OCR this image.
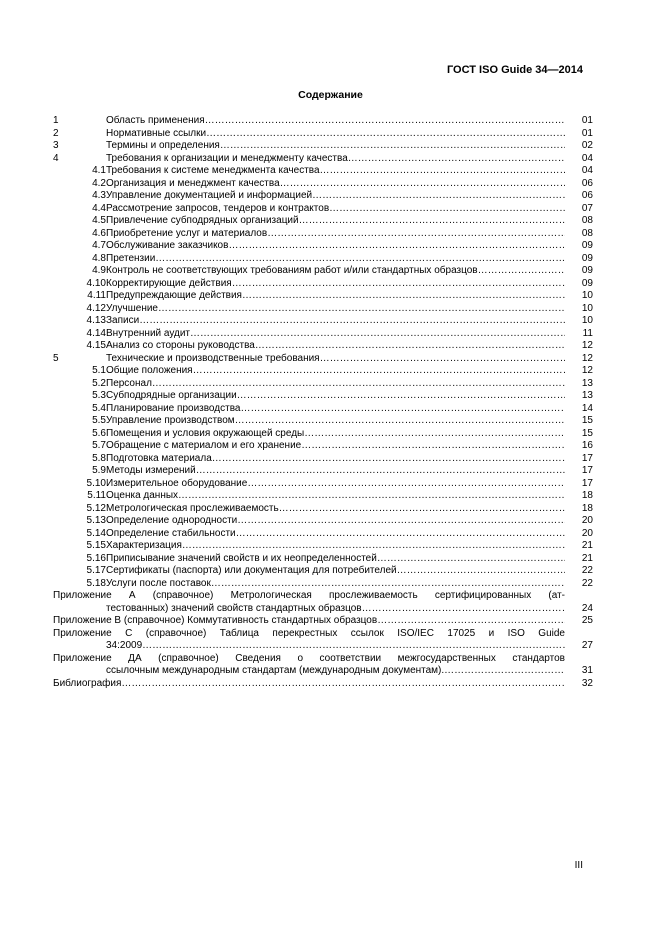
ГОСТ ISO Guide 34—2014
Содержание
1	Область применения ………………………………………………………………………………………………………………………………………………………………………………	01
2	Нормативные ссылки ………………………………………………………………………………………………………………………………………………………………………………	01
3	Термины и определения ………………………………………………………………………………………………………………………………………………………………………………	02
4	Требования к организации и менеджменту качества ………………………………………………………………………………………………………………………………………………………………………………	04
4.1 Требования к системе менеджмента качества ………………………………………………………………………………………………………………………………………………………………………………	04
4.2 Организация и менеджмент качества ………………………………………………………………………………………………………………………………………………………………………………	06
4.3 Управление документацией и информацией ………………………………………………………………………………………………………………………………………………………………………………	06
4.4 Рассмотрение запросов, тендеров и контрактов ………………………………………………………………………………………………………………………………………………………………………………	07
4.5 Привлечение субподрядных организаций ………………………………………………………………………………………………………………………………………………………………………………	08
4.6 Приобретение услуг и материалов ………………………………………………………………………………………………………………………………………………………………………………	08
4.7 Обслуживание заказчиков ………………………………………………………………………………………………………………………………………………………………………………	09
4.8 Претензии ………………………………………………………………………………………………………………………………………………………………………………	09
4.9 Контроль не соответствующих требованиям работ и/или стандартных образцов ………………………………………………………………………………………………………………………………………………………………………………	09
4.10 Корректирующие действия ………………………………………………………………………………………………………………………………………………………………………………	09
4.11 Предупреждающие действия ………………………………………………………………………………………………………………………………………………………………………………	10
4.12 Улучшение ………………………………………………………………………………………………………………………………………………………………………………	10
4.13 Записи ………………………………………………………………………………………………………………………………………………………………………………	10
4.14 Внутренний аудит ………………………………………………………………………………………………………………………………………………………………………………	11
4.15 Анализ со стороны руководства ………………………………………………………………………………………………………………………………………………………………………………	12
5	Технические и производственные требования ………………………………………………………………………………………………………………………………………………………………………………	12
5.1 Общие положения ………………………………………………………………………………………………………………………………………………………………………………	12
5.2 Персонал ………………………………………………………………………………………………………………………………………………………………………………	13
5.3 Субподрядные организации ………………………………………………………………………………………………………………………………………………………………………………	13
5.4 Планирование производства ………………………………………………………………………………………………………………………………………………………………………………	14
5.5 Управление производством ………………………………………………………………………………………………………………………………………………………………………………	15
5.6 Помещения и условия окружающей среды ………………………………………………………………………………………………………………………………………………………………………………	15
5.7 Обращение с материалом и его хранение ………………………………………………………………………………………………………………………………………………………………………………	16
5.8 Подготовка материала ………………………………………………………………………………………………………………………………………………………………………………	17
5.9 Методы измерений ………………………………………………………………………………………………………………………………………………………………………………	17
5.10 Измерительное оборудование ………………………………………………………………………………………………………………………………………………………………………………	17
5.11 Оценка данных ………………………………………………………………………………………………………………………………………………………………………………	18
5.12 Метрологическая прослеживаемость ………………………………………………………………………………………………………………………………………………………………………………	18
5.13 Определение однородности ………………………………………………………………………………………………………………………………………………………………………………	20
5.14 Определение стабильности ………………………………………………………………………………………………………………………………………………………………………………	20
5.15 Характеризация ………………………………………………………………………………………………………………………………………………………………………………	21
5.16 Приписывание значений свойств и их неопределенностей ………………………………………………………………………………………………………………………………………………………………………………	21
5.17 Сертификаты (паспорта) или документация для потребителей ………………………………………………………………………………………………………………………………………………………………………………	22
5.18 Услуги после поставок ………………………………………………………………………………………………………………………………………………………………………………	22
Приложение А (справочное) Метрологическая прослеживаемость сертифицированных (ат-
тестованных) значений свойств стандартных образцов ………………………………………………………………………………………………………………………………………………………………………………	24
Приложение В (справочное) Коммутативность стандартных образцов ………………………………………………………………………………………………………………………………………………………………………………	25
Приложение С (справочное) Таблица перекрестных ссылок ISO/IEC 17025 и ISO Guide
34:2009 ………………………………………………………………………………………………………………………………………………………………………………	27
Приложение ДА (справочное) Сведения о соответствии межгосударственных стандартов
ссылочным международным стандартам (международным документам). ………………………………………………………………………………………………………………………………………………………………………………	31
Библиография ………………………………………………………………………………………………………………………………………………………………………………	32
III
